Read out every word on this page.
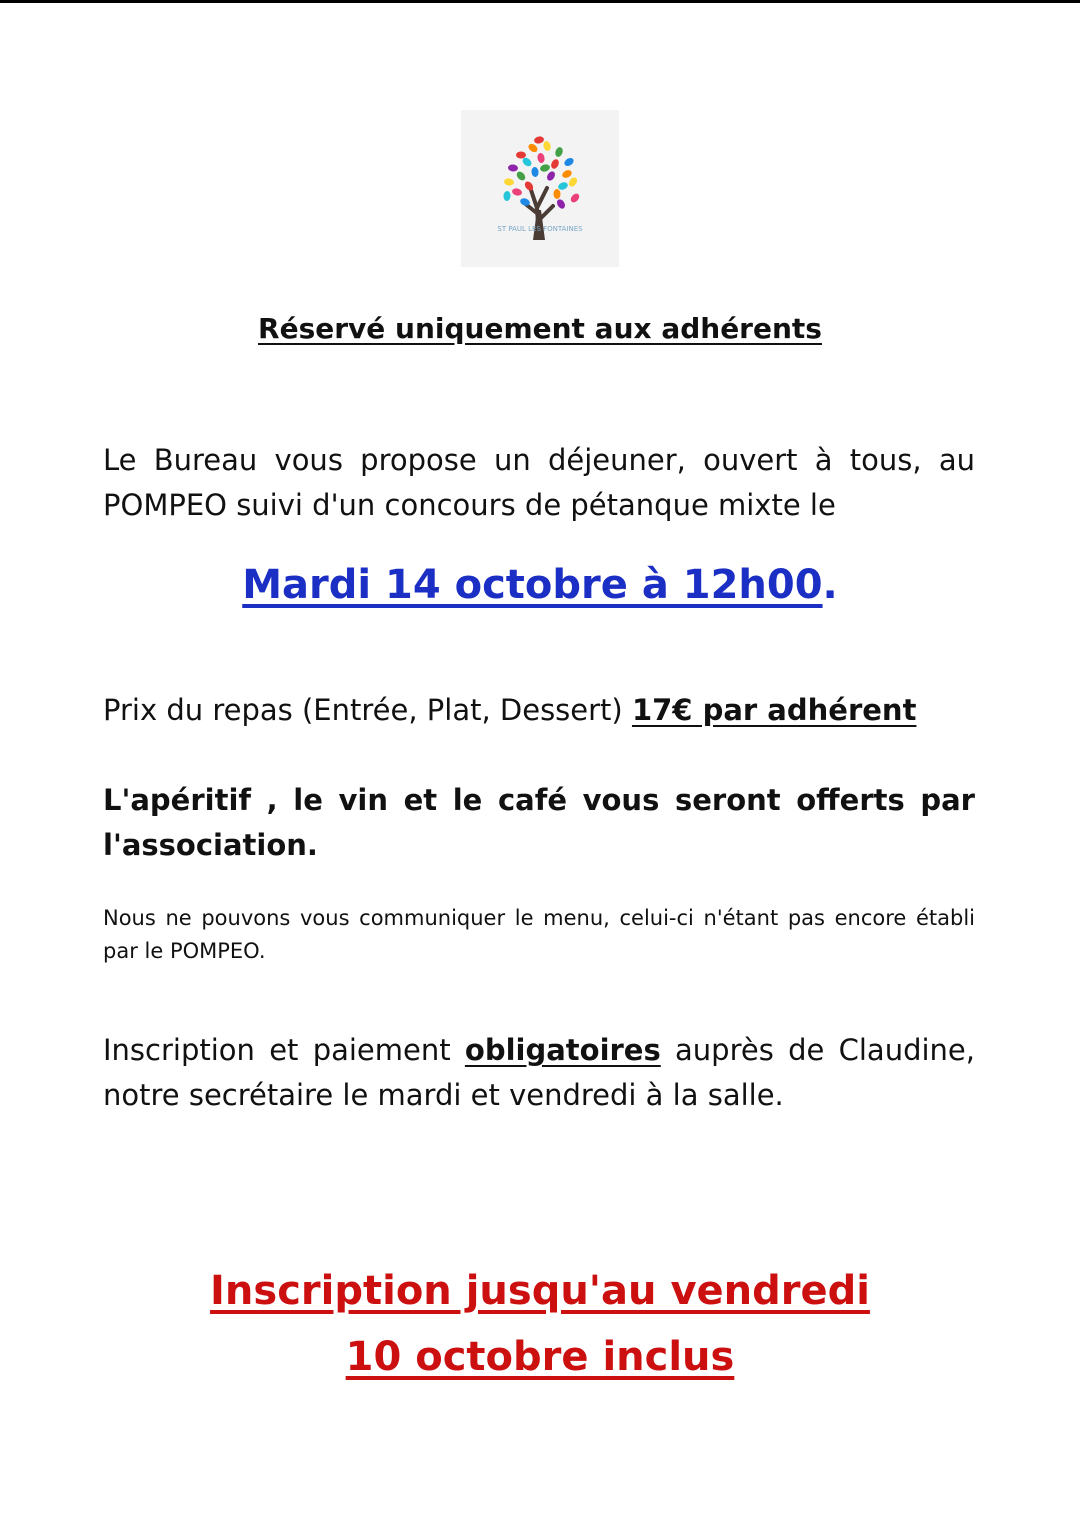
ST PAUL LES FONTAINES
Réservé uniquement aux adhérents
Le Bureau vous propose un déjeuner, ouvert à tous, au POMPEO suivi d'un concours de pétanque mixte le
Mardi 14 octobre à 12h00.
Prix du repas (Entrée, Plat, Dessert) 17€ par adhérent
L'apéritif , le vin et le café vous seront offerts par l'association.
Nous ne pouvons vous communiquer le menu, celui-ci n'étant pas encore établi par le POMPEO.
Inscription et paiement obligatoires auprès de Claudine, notre secrétaire le mardi et vendredi à la salle.
Inscription jusqu'au vendredi
10 octobre inclus
